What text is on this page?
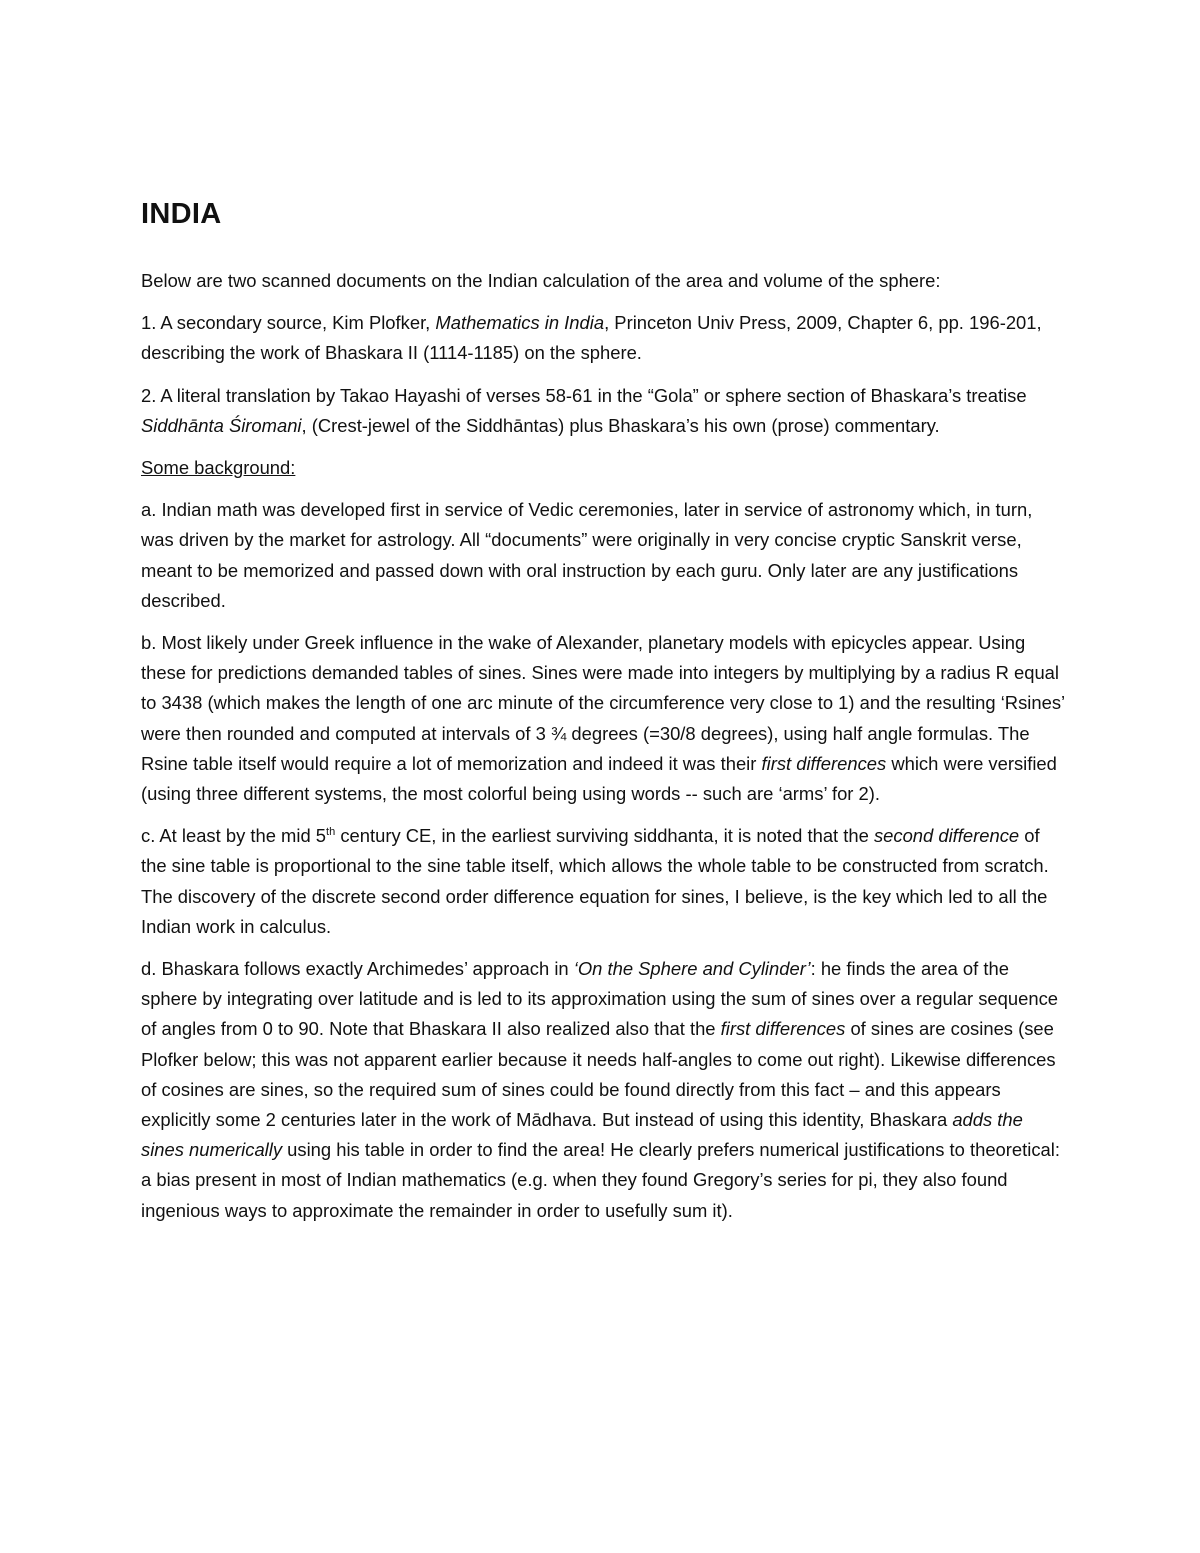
INDIA

Below are two scanned documents on the Indian calculation of the area and volume of the sphere:

1. A secondary source, Kim Plofker, Mathematics in India, Princeton Univ Press, 2009, Chapter 6, pp. 196-201, describing the work of Bhaskara II (1114-1185) on the sphere.

2. A literal translation by Takao Hayashi of verses 58-61 in the “Gola” or sphere section of Bhaskara’s treatise Siddhānta Śiromani, (Crest-jewel of the Siddhāntas) plus Bhaskara’s his own (prose) commentary.

Some background:

a. Indian math was developed first in service of Vedic ceremonies, later in service of astronomy which, in turn, was driven by the market for astrology. All “documents” were originally in very concise cryptic Sanskrit verse, meant to be memorized and passed down with oral instruction by each guru. Only later are any justifications described.

b. Most likely under Greek influence in the wake of Alexander, planetary models with epicycles appear. Using these for predictions demanded tables of sines. Sines were made into integers by multiplying by a radius R equal to 3438 (which makes the length of one arc minute of the circumference very close to 1) and the resulting ‘Rsines’ were then rounded and computed at intervals of 3 ¾ degrees (=30/8 degrees), using half angle formulas. The Rsine table itself would require a lot of memorization and indeed it was their first differences which were versified (using three different systems, the most colorful being using words -- such are ‘arms’ for 2).

c. At least by the mid 5th century CE, in the earliest surviving siddhanta, it is noted that the second difference of the sine table is proportional to the sine table itself, which allows the whole table to be constructed from scratch. The discovery of the discrete second order difference equation for sines, I believe, is the key which led to all the Indian work in calculus.

d. Bhaskara follows exactly Archimedes’ approach in ‘On the Sphere and Cylinder’: he finds the area of the sphere by integrating over latitude and is led to its approximation using the sum of sines over a regular sequence of angles from 0 to 90. Note that Bhaskara II also realized also that the first differences of sines are cosines (see Plofker below; this was not apparent earlier because it needs half-angles to come out right). Likewise differences of cosines are sines, so the required sum of sines could be found directly from this fact – and this appears explicitly some 2 centuries later in the work of Mādhava. But instead of using this identity, Bhaskara adds the sines numerically using his table in order to find the area! He clearly prefers numerical justifications to theoretical: a bias present in most of Indian mathematics (e.g. when they found Gregory’s series for pi, they also found ingenious ways to approximate the remainder in order to usefully sum it).
